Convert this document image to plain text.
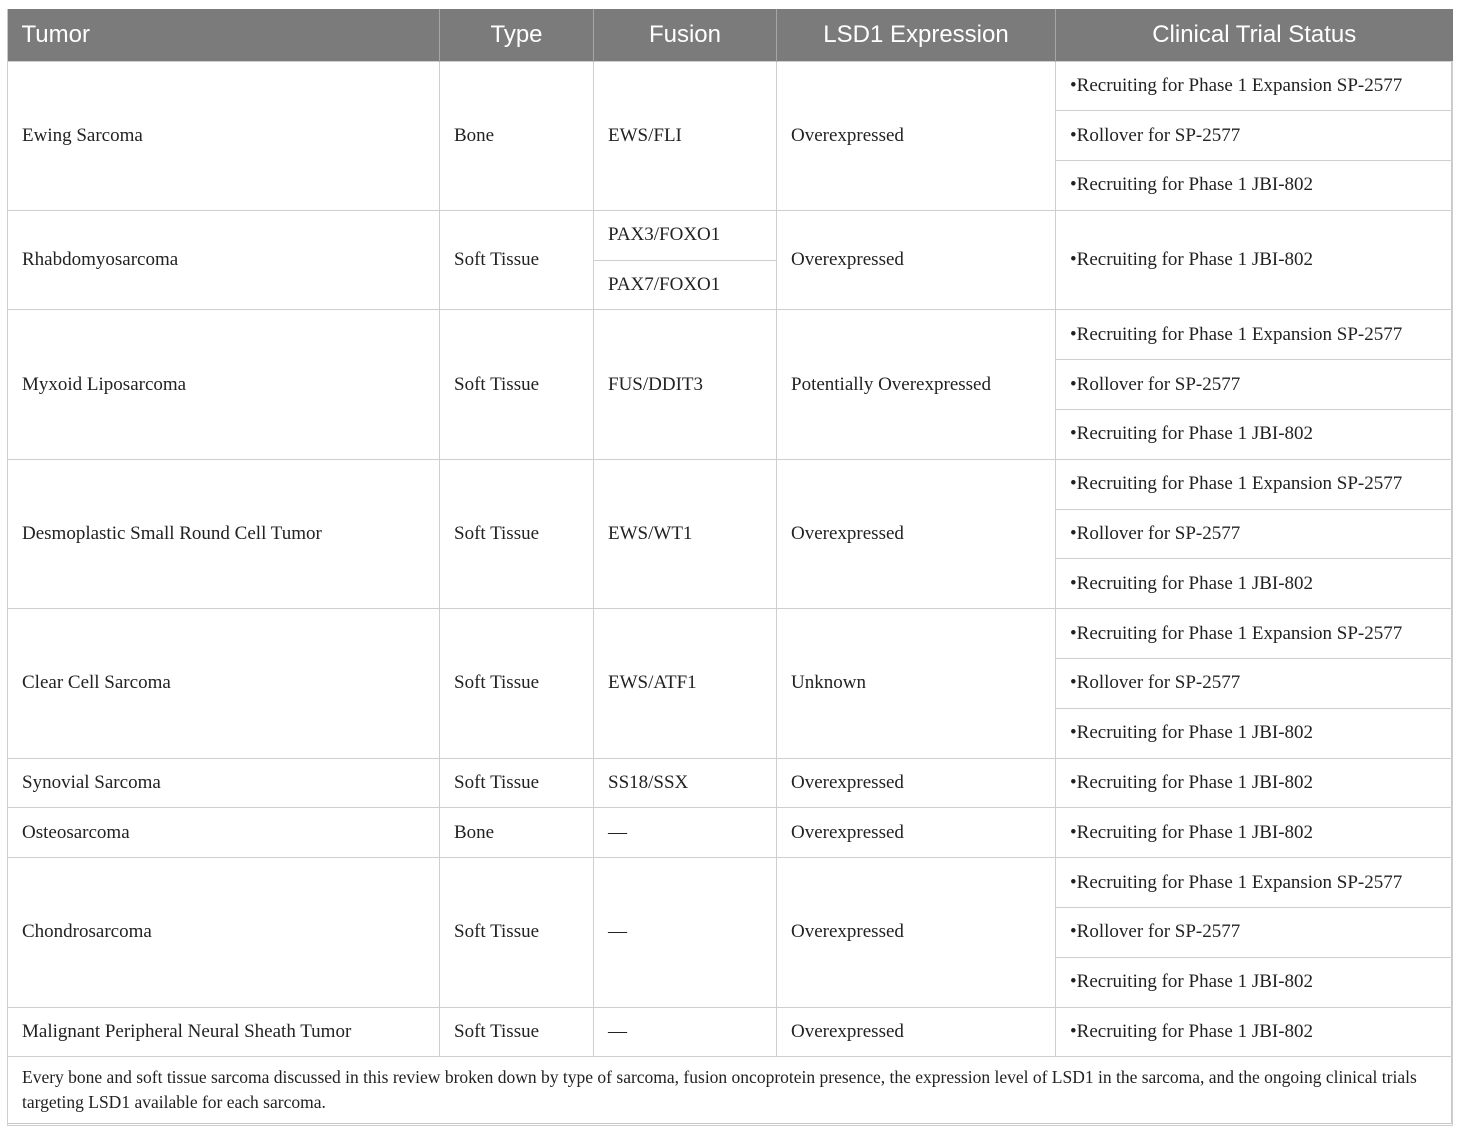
Tumor	Type	Fusion	LSD1 Expression	Clinical Trial Status
Ewing Sarcoma	Bone	EWS/FLI	Overexpressed	•Recruiting for Phase 1 Expansion SP-2577
				•Rollover for SP-2577
				•Recruiting for Phase 1 JBI-802
Rhabdomyosarcoma	Soft Tissue	PAX3/FOXO1	Overexpressed	•Recruiting for Phase 1 JBI-802
		PAX7/FOXO1		
Myxoid Liposarcoma	Soft Tissue	FUS/DDIT3	Potentially Overexpressed	•Recruiting for Phase 1 Expansion SP-2577
				•Rollover for SP-2577
				•Recruiting for Phase 1 JBI-802
Desmoplastic Small Round Cell Tumor	Soft Tissue	EWS/WT1	Overexpressed	•Recruiting for Phase 1 Expansion SP-2577
				•Rollover for SP-2577
				•Recruiting for Phase 1 JBI-802
Clear Cell Sarcoma	Soft Tissue	EWS/ATF1	Unknown	•Recruiting for Phase 1 Expansion SP-2577
				•Rollover for SP-2577
				•Recruiting for Phase 1 JBI-802
Synovial Sarcoma	Soft Tissue	SS18/SSX	Overexpressed	•Recruiting for Phase 1 JBI-802
Osteosarcoma	Bone	—	Overexpressed	•Recruiting for Phase 1 JBI-802
Chondrosarcoma	Soft Tissue	—	Overexpressed	•Recruiting for Phase 1 Expansion SP-2577
				•Rollover for SP-2577
				•Recruiting for Phase 1 JBI-802
Malignant Peripheral Neural Sheath Tumor	Soft Tissue	—	Overexpressed	•Recruiting for Phase 1 JBI-802
Every bone and soft tissue sarcoma discussed in this review broken down by type of sarcoma, fusion oncoprotein presence, the expression level of LSD1 in the sarcoma, and the ongoing clinical trials targeting LSD1 available for each sarcoma.				
